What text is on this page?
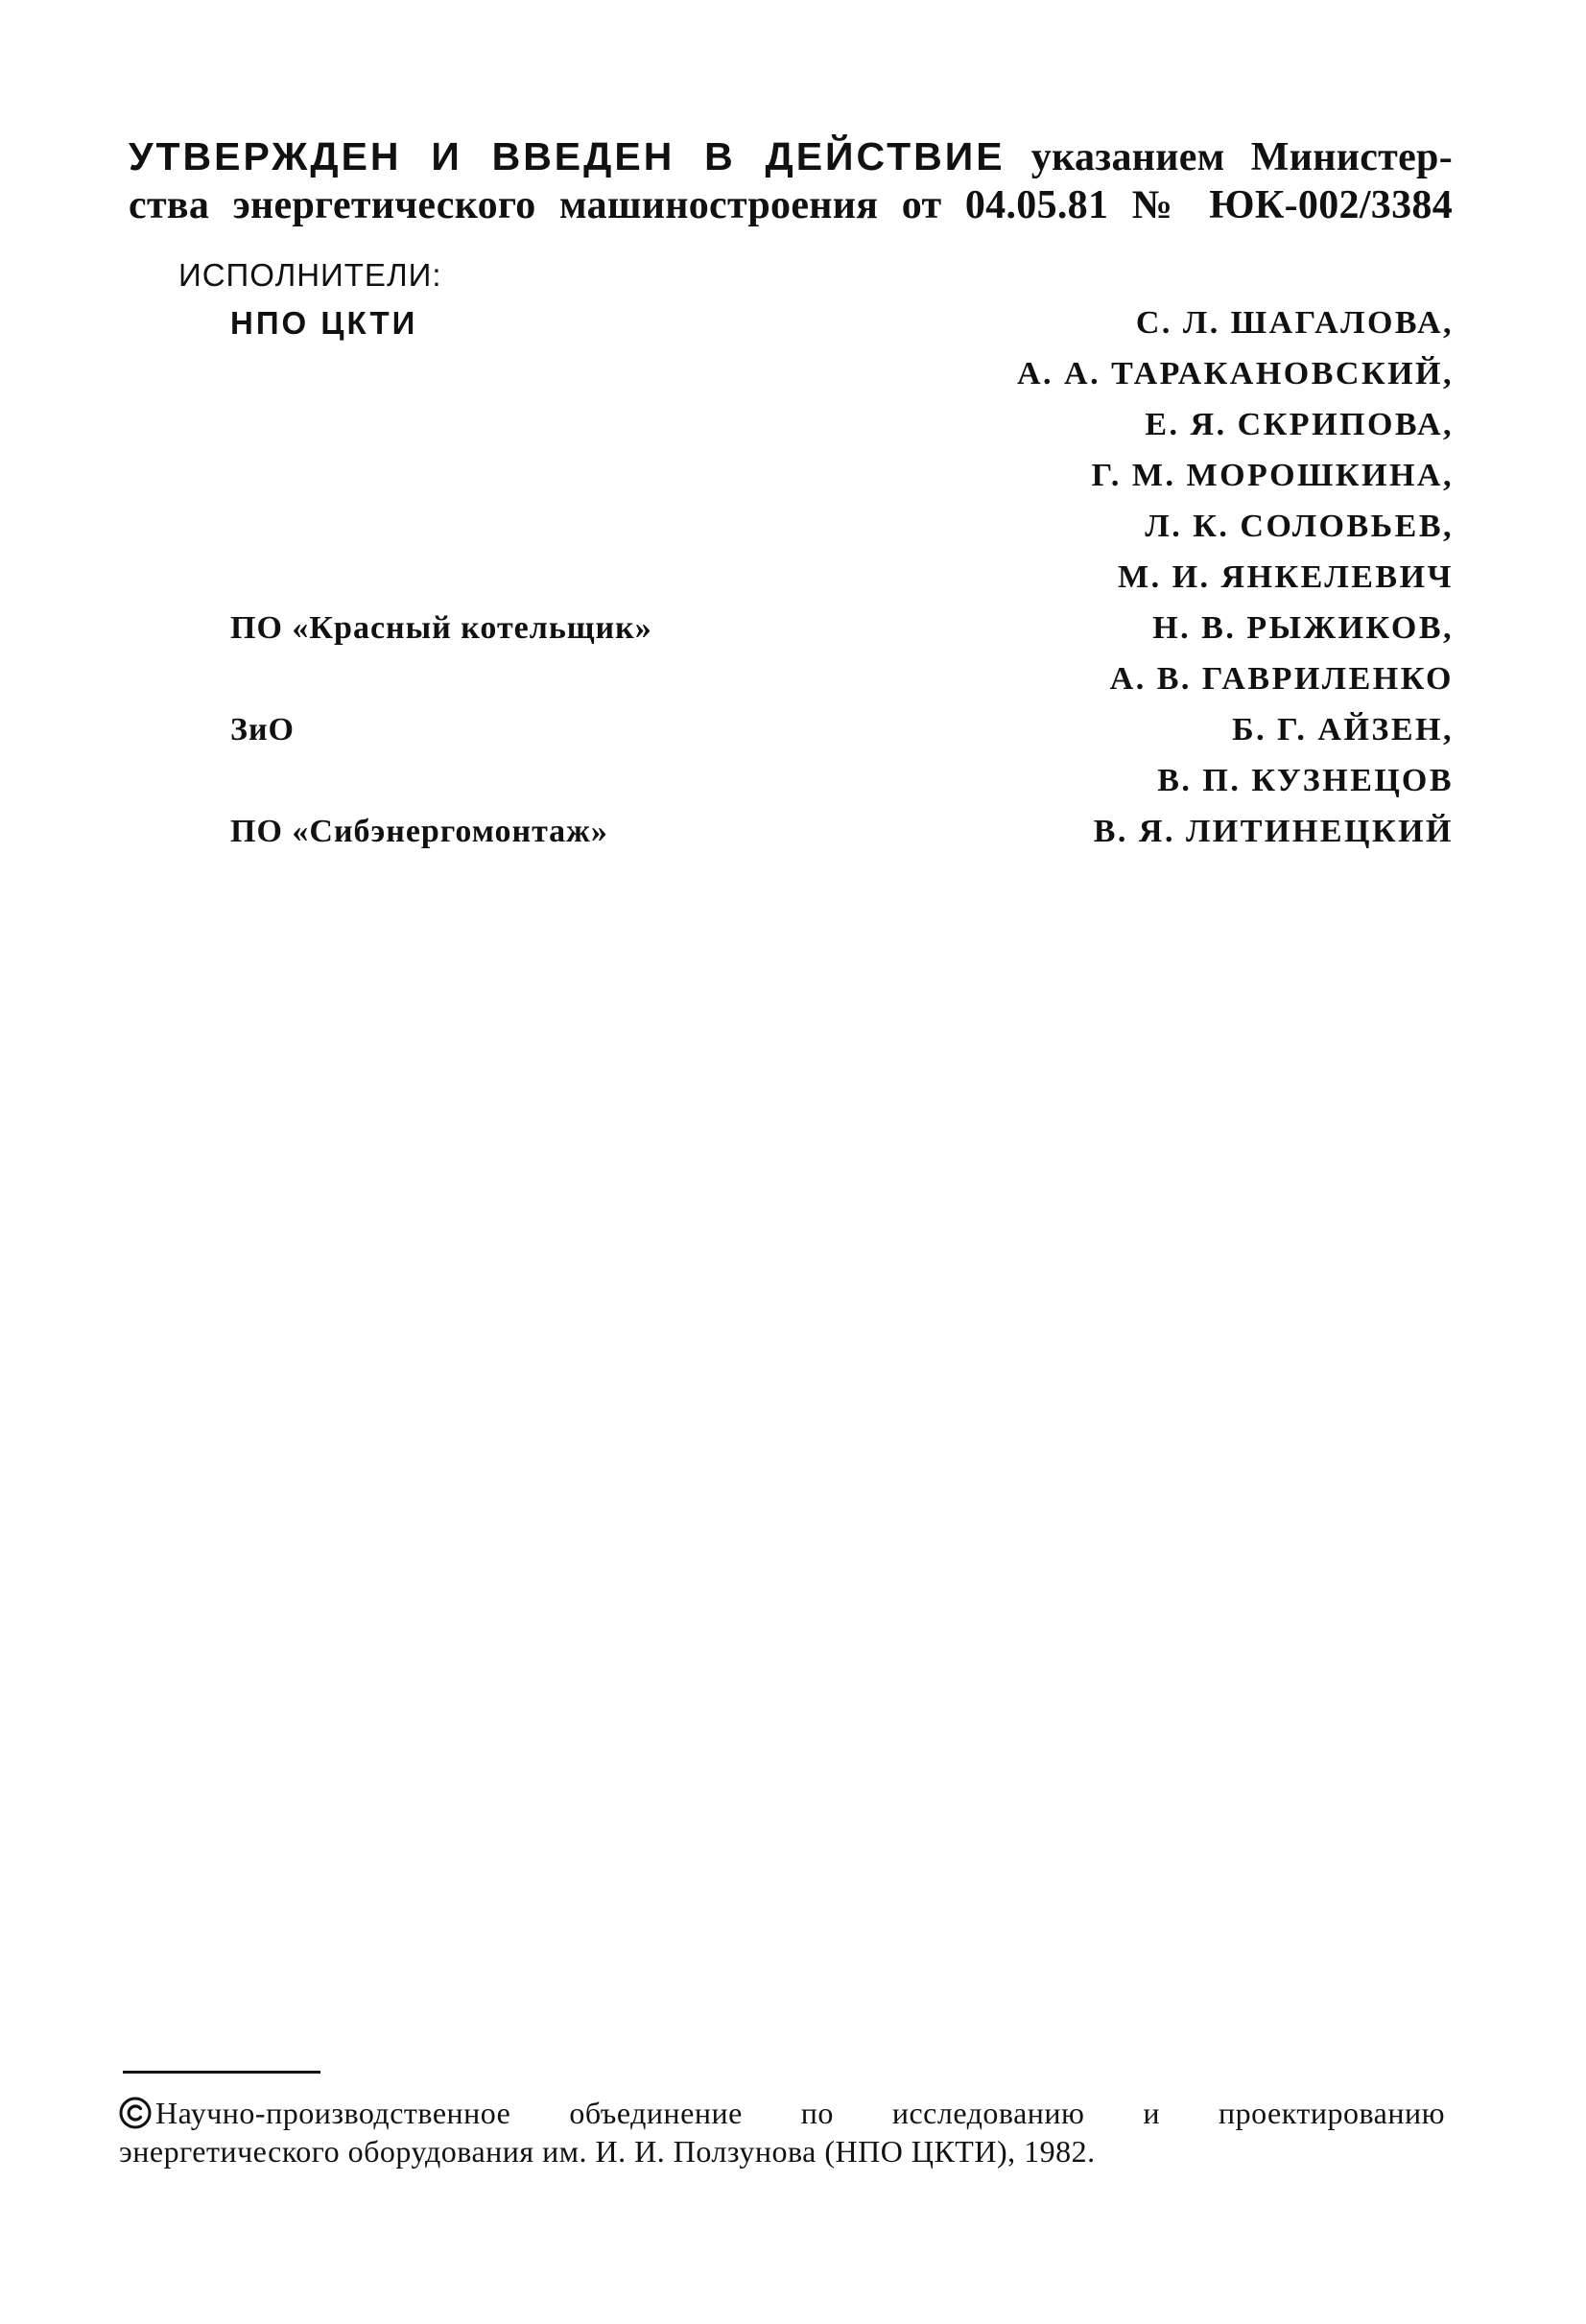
УТВЕРЖДЕН И ВВЕДЕН В ДЕЙСТВИЕ указанием Министер-
ства энергетического машиностроения от 04.05.81 № ЮК-002/3384
ИСПОЛНИТЕЛИ:
НПО ЦКТИ	С. Л. ШАГАЛОВА,
А. А. ТАРАКАНОВСКИЙ,
Е. Я. СКРИПОВА,
Г. М. МОРОШКИНА,
Л. К. СОЛОВЬЕВ,
М. И. ЯНКЕЛЕВИЧ
ПО «Красный котельщик»	Н. В. РЫЖИКОВ,
А. В. ГАВРИЛЕНКО
ЗиО	Б. Г. АЙЗЕН,
В. П. КУЗНЕЦОВ
ПО «Сибэнергомонтаж»	В. Я. ЛИТИНЕЦКИЙ
Научно-производственное объединение по исследованию и проектированию
энергетического оборудования им. И. И. Ползунова (НПО ЦКТИ), 1982.
